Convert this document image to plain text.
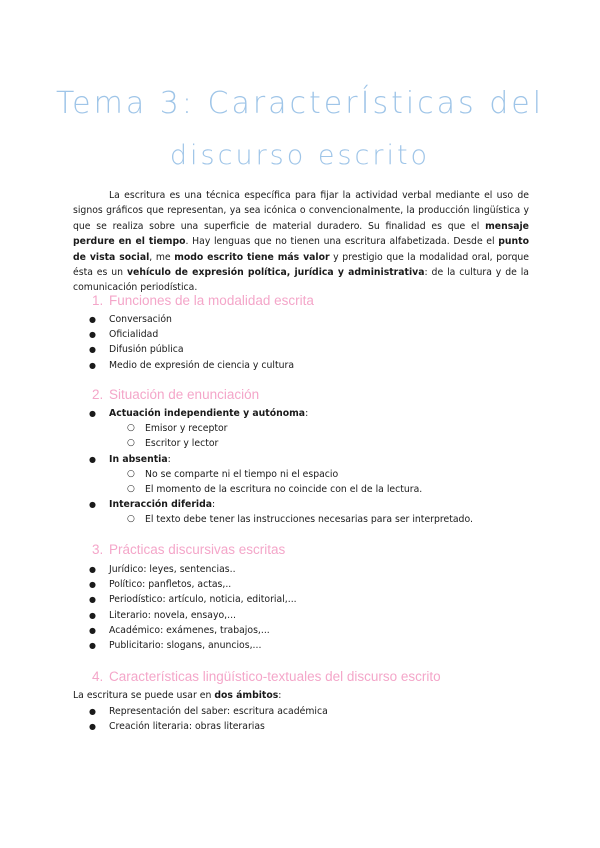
Tema 3: CaracterÍsticas del
discurso escrito
La escritura es una técnica específica para fijar la actividad verbal mediante el uso de signos gráficos que representan, ya sea icónica o convencionalmente, la producción lingüística y que se realiza sobre una superficie de material duradero. Su finalidad es que el mensaje perdure en el tiempo. Hay lenguas que no tienen una escritura alfabetizada. Desde el punto de vista social, me modo escrito tiene más valor y prestigio que la modalidad oral, porque ésta es un vehículo de expresión política, jurídica y administrativa: de la cultura y de la comunicación periodística.
1. Funciones de la modalidad escrita
● Conversación
● Oficialidad
● Difusión pública
● Medio de expresión de ciencia y cultura
2. Situación de enunciación
● Actuación independiente y autónoma:
○ Emisor y receptor
○ Escritor y lector
● In absentia:
○ No se comparte ni el tiempo ni el espacio
○ El momento de la escritura no coincide con el de la lectura.
● Interacción diferida:
○ El texto debe tener las instrucciones necesarias para ser interpretado.
3. Prácticas discursivas escritas
● Jurídico: leyes, sentencias..
● Político: panfletos, actas,..
● Periodístico: artículo, noticia, editorial,...
● Literario: novela, ensayo,...
● Académico: exámenes, trabajos,...
● Publicitario: slogans, anuncios,...
4. Características lingüístico-textuales del discurso escrito
La escritura se puede usar en dos ámbitos:
● Representación del saber: escritura académica
● Creación literaria: obras literarias
